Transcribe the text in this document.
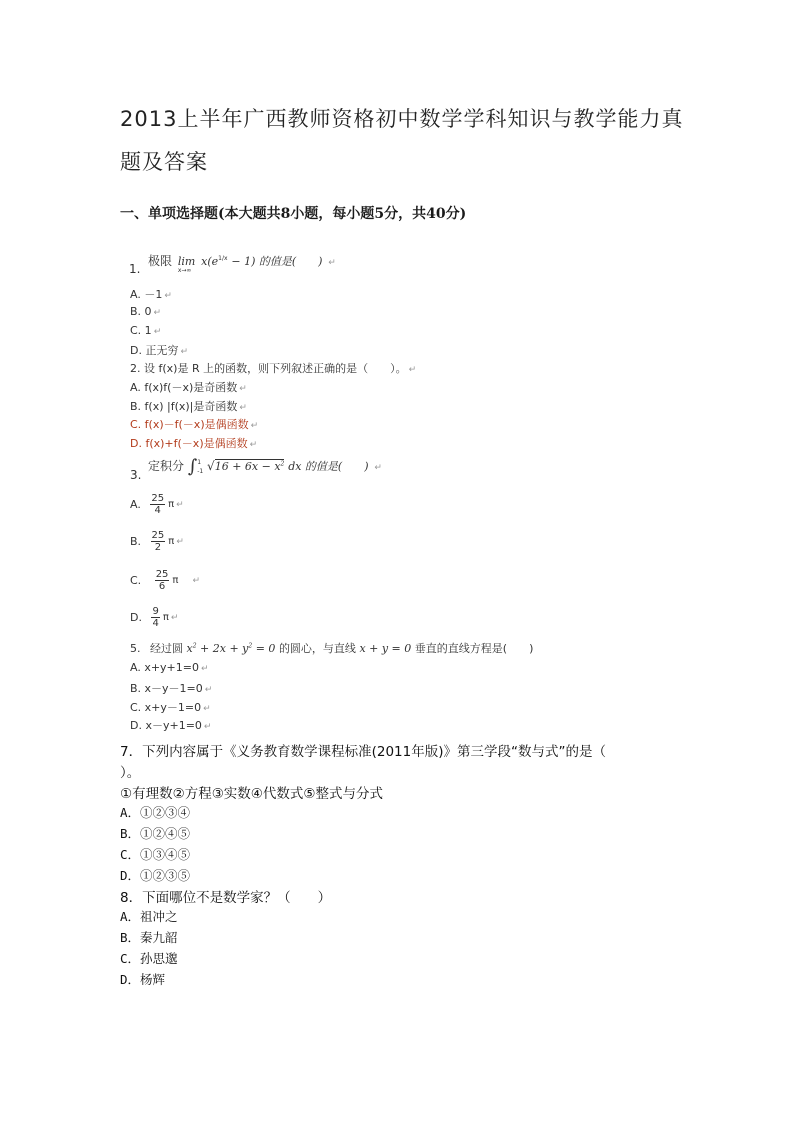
2013上半年广西教师资格初中数学学科知识与教学能力真
题及答案
一、单项选择题(本大题共8小题，每小题5分，共40分)
1.
极限 lim
x→∞
$x(e^{1/x} - 1)$ 的值是(　　) ↵
A. －1 ↵
B. 0 ↵
C. 1 ↵
D. 正无穷 ↵
2. 设 f(x)是 R 上的函数，则下列叙述正确的是（　　）。 ↵
A. f(x)f(－x)是奇函数 ↵
B. f(x) |f(x)|是奇函数 ↵
C. f(x)－f(－x)是偶函数 ↵
D. f(x)+f(－x)是偶函数 ↵
3.
定积分 ∫ 1
-1 $√16 + 6x - x^2$ dx 的值是(　　) ↵
A. $\frac{25}{4}$ π ↵
B. $\frac{25}{2}$ π ↵
C. $\frac{25}{6}$ π ↵
D. $\frac{9}{4}$ π ↵
5. 经过圆 $x^2 + 2x + y^2 = 0$ 的圆心，与直线 x + y = 0 垂直的直线方程是(　　)
A. x+y+1=0 ↵
B. x－y－1=0 ↵
C. x+y－1=0 ↵
D. x－y+1=0 ↵
7．下列内容属于《义务教育数学课程标准(2011年版)》第三学段“数与式”的是（
）。
①有理数②方程③实数④代数式⑤整式与分式
A．①②③④
B．①②④⑤
C．①③④⑤
D．①②③⑤
8．下面哪位不是数学家？（　　）
A．祖冲之
B．秦九韶
C．孙思邈
D．杨辉
